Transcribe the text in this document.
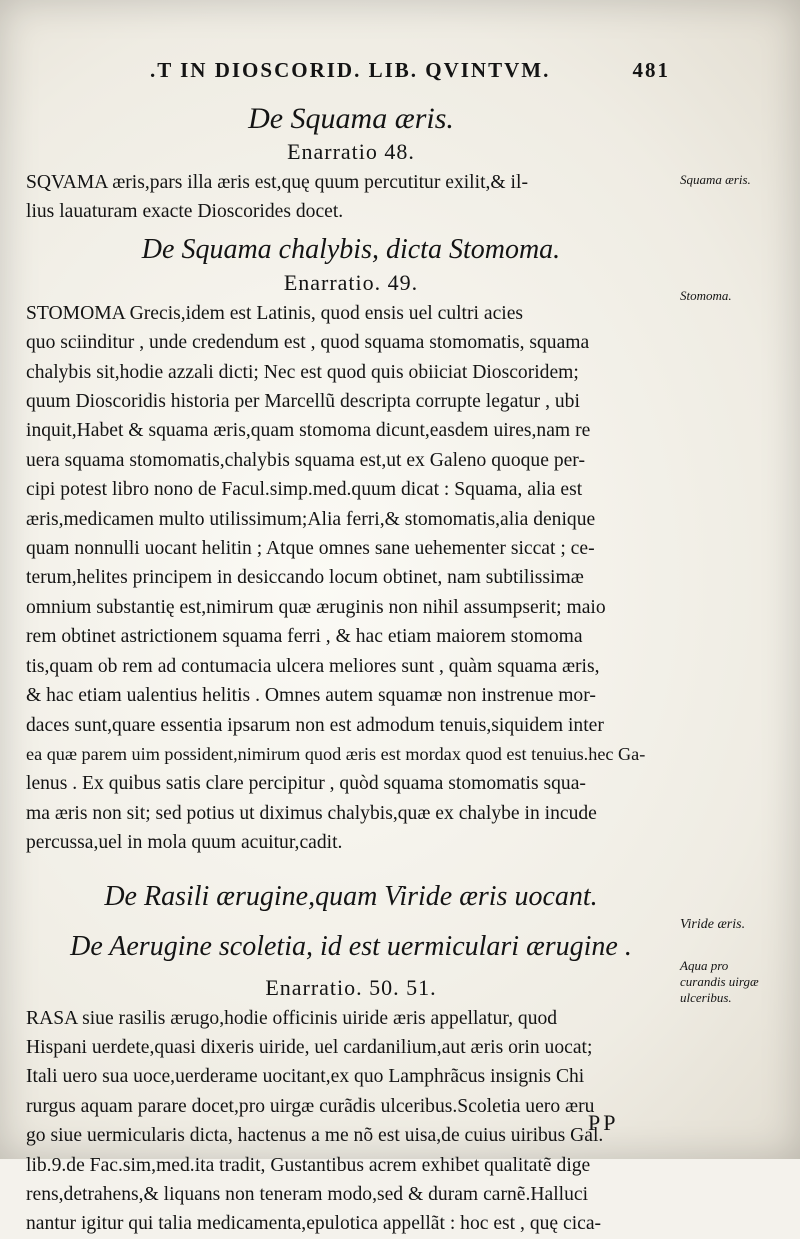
.T IN DIOSCORID. LIB. QVINTVM.	481
De Squama æris.
Enarratio 48.

SQVAMA æris,pars illa æris est,quę quum percutitur exilit,& il-
lius lauaturam exacte Dioscorides docet.

De Squama chalybis, dicta Stomoma.
Enarratio. 49.

STOMOMA Grecis,idem est Latinis, quod ensis uel cultri acies
quo sciinditur , unde credendum est , quod squama stomomatis, squama
chalybis sit,hodie azzali dicti; Nec est quod quis obiiciat Dioscoridem;
quum Dioscoridis historia per Marcellũ descripta corrupte legatur , ubi
inquit,Habet & squama æris,quam stomoma dicunt,easdem uires,nam re
uera squama stomomatis,chalybis squama est,ut ex Galeno quoque per-
cipi potest libro nono de Facul.simp.med.quum dicat : Squama, alia est
æris,medicamen multo utilissimum;Alia ferri,& stomomatis,alia denique
quam nonnulli uocant helitin ; Atque omnes sane uehementer siccat ; ce-
terum,helites principem in desiccando locum obtinet, nam subtilissimæ
omnium substantię est,nimirum quæ æruginis non nihil assumpserit; maio
rem obtinet astrictionem squama ferri , & hac etiam maiorem stomoma
tis,quam ob rem ad contumacia ulcera meliores sunt , quàm squama æris,
& hac etiam ualentius helitis . Omnes autem squamæ non instrenue mor-
daces sunt,quare essentia ipsarum non est admodum tenuis,siquidem inter
ea quæ parem uim possident,nimirum quod æris est mordax quod est tenuius.hec Ga-
lenus . Ex quibus satis clare percipitur , quòd squama stomomatis squa-
ma æris non sit; sed potius ut diximus chalybis,quæ ex chalybe in incude
percussa,uel in mola quum acuitur,cadit.

De Rasili ærugine,quam Viride æris uocant.
De Aerugine scoletia, id est uermiculari ærugine .
Enarratio. 50. 51.

RASA siue rasilis ærugo,hodie officinis uiride æris appellatur, quod
Hispani uerdete,quasi dixeris uiride, uel cardanilium,aut æris orin uocat;
Itali uero sua uoce,uerderame uocitant,ex quo Lamphrãcus insignis Chi
rurgus aquam parare docet,pro uirgæ curãdis ulceribus.Scoletia uero æru
go siue uermicularis dicta, hactenus a me nõ est uisa,de cuius uiribus Gal.
lib.9.de Fac.sim,med.ita tradit, Gustantibus acrem exhibet qualitatẽ dige
rens,detrahens,& liquans non teneram modo,sed & duram carnẽ.Halluci
nantur igitur qui talia medicamenta,epulotica appellãt : hoc est , quę cica-

Squama æris.
Stomoma.
Viride æris.
Aqua pro curandis uirgæ ulceribus.
PP
